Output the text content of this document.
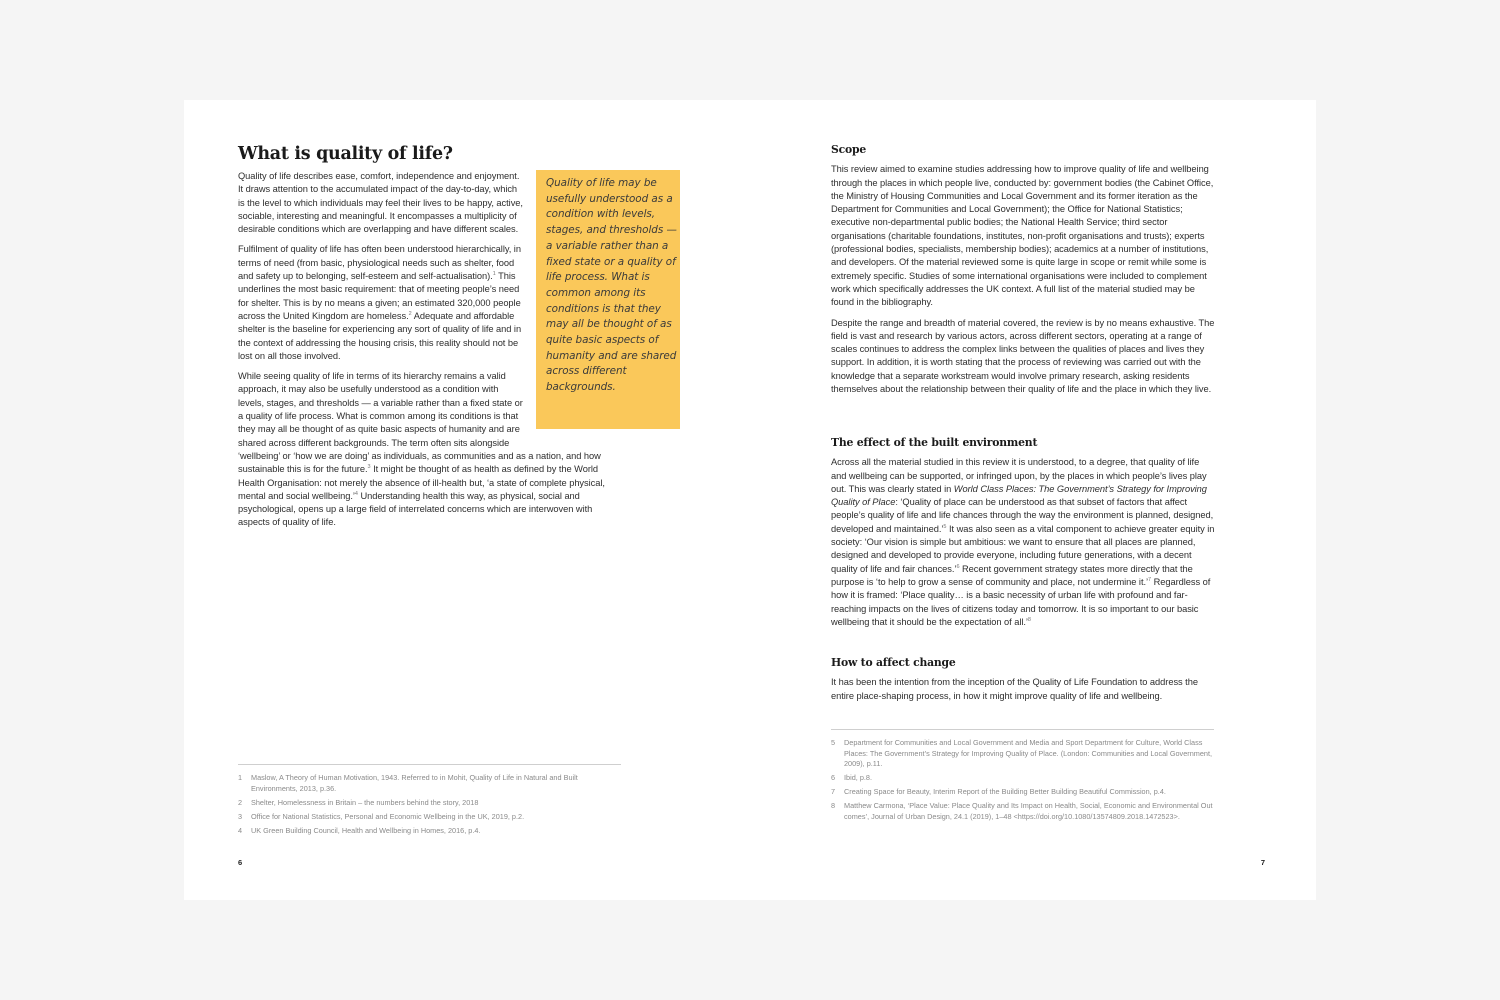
What is quality of life?
Quality of life may be usefully understood as a condition with levels, stages, and thresholds — a variable rather than a fixed state or a quality of life process. What is common among its conditions is that they may all be thought of as quite basic aspects of humanity and are shared across different backgrounds.

Quality of life describes ease, comfort, independence and enjoyment. It draws attention to the accumulated impact of the day-to-day, which is the level to which individuals may feel their lives to be happy, active, sociable, interesting and meaningful. It encompasses a multiplicity of desirable conditions which are overlapping and have different scales.

Fulfilment of quality of life has often been understood hierarchically, in terms of need (from basic, physiological needs such as shelter, food and safety up to belonging, self-esteem and self-actualisation).$^1$ This underlines the most basic requirement: that of meeting people’s need for shelter. This is by no means a given; an estimated 320,000 people across the United Kingdom are homeless.$^2$ Adequate and affordable shelter is the baseline for experiencing any sort of quality of life and in the context of addressing the housing crisis, this reality should not be lost on all those involved.

While seeing quality of life in terms of its hierarchy remains a valid approach, it may also be usefully understood as a condition with levels, stages, and thresholds — a variable rather than a fixed state or a quality of life process. What is common among its conditions is that they may all be thought of as quite basic aspects of humanity and are shared across different backgrounds. The term often sits alongside ‘wellbeing’ or ‘how we are doing’ as individuals, as communities and as a nation, and how sustainable this is for the future.$^3$ It might be thought of as health as defined by the World Health Organisation: not merely the absence of ill-health but, ‘a state of complete physical, mental and social wellbeing.’$^4$ Understanding health this way, as physical, social and psychological, opens up a large field of interrelated concerns which are interwoven with aspects of quality of life.

1	Maslow, A Theory of Human Motivation, 1943. Referred to in Mohit, Quality of Life in Natural and Built Environments, 2013, p.36.
2	Shelter, Homelessness in Britain – the numbers behind the story, 2018
3	Office for National Statistics, Personal and Economic Wellbeing in the UK, 2019, p.2.
4	UK Green Building Council, Health and Wellbeing in Homes, 2016, p.4.
6
Scope

This review aimed to examine studies addressing how to improve quality of life and wellbeing through the places in which people live, conducted by: government bodies (the Cabinet Office, the Ministry of Housing Communities and Local Government and its former iteration as the Department for Communities and Local Government); the Office for National Statistics; executive non-departmental public bodies; the National Health Service; third sector organisations (charitable foundations, institutes, non-profit organisations and trusts); experts (professional bodies, specialists, membership bodies); academics at a number of institutions, and developers. Of the material reviewed some is quite large in scope or remit while some is extremely specific. Studies of some international organisations were included to complement work which specifically addresses the UK context. A full list of the material studied may be found in the bibliography.

Despite the range and breadth of material covered, the review is by no means exhaustive. The field is vast and research by various actors, across different sectors, operating at a range of scales continues to address the complex links between the qualities of places and lives they support. In addition, it is worth stating that the process of reviewing was carried out with the knowledge that a separate workstream would involve primary research, asking residents themselves about the relationship between their quality of life and the place in which they live.

The effect of the built environment

Across all the material studied in this review it is understood, to a degree, that quality of life and wellbeing can be supported, or infringed upon, by the places in which people’s lives play out. This was clearly stated in World Class Places: The Government’s Strategy for Improving Quality of Place: ‘Quality of place can be understood as that subset of factors that affect people’s quality of life and life chances through the way the environment is planned, designed, developed and maintained.’$^5$ It was also seen as a vital component to achieve greater equity in society: ‘Our vision is simple but ambitious: we want to ensure that all places are planned, designed and developed to provide everyone, including future generations, with a decent quality of life and fair chances.’$^6$ Recent government strategy states more directly that the purpose is ‘to help to grow a sense of community and place, not undermine it.’$^7$ Regardless of how it is framed: ‘Place quality… is a basic necessity of urban life with profound and far-reaching impacts on the lives of citizens today and tomorrow. It is so important to our basic wellbeing that it should be the expectation of all.’$^8$

How to affect change

It has been the intention from the inception of the Quality of Life Foundation to address the entire place-shaping process, in how it might improve quality of life and wellbeing.

5	Department for Communities and Local Government and Media and Sport Department for Culture, World Class Places: The Government’s Strategy for Improving Quality of Place. (London: Communities and Local Government, 2009), p.11.
6	Ibid, p.8.
7	Creating Space for Beauty, Interim Report of the Building Better Building Beautiful Commission, p.4.
8	Matthew Carmona, ‘Place Value: Place Quality and Its Impact on Health, Social, Economic and Environmental Outcomes’, Journal of Urban Design, 24.1 (2019), 1–48 <https://doi.org/10.1080/13574809.2018.1472523>.
7
